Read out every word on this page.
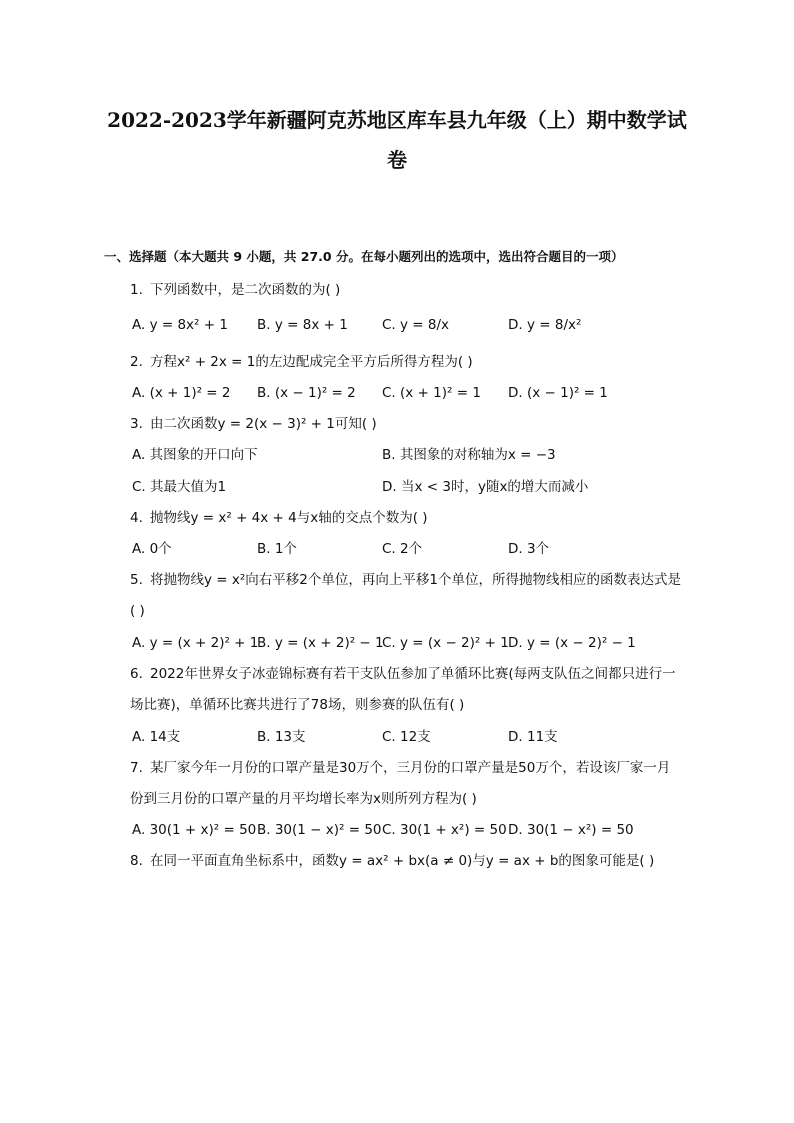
2022-2023学年新疆阿克苏地区库车县九年级（上）期中数学试
卷
一、选择题（本大题共 9 小题，共 27.0 分。在每小题列出的选项中，选出符合题目的一项）
1. 下列函数中，是二次函数的为( )
A. y = 8x² + 1 B. y = 8x + 1	C. y = 8/x	D. y = 8/x²
2. 方程x² + 2x = 1的左边配成完全平方后所得方程为( )
A. (x + 1)² = 2 B. (x − 1)² = 2 C. (x + 1)² = 1 D. (x − 1)² = 1
3. 由二次函数y = 2(x − 3)² + 1可知( )
A. 其图象的开口向下	B. 其图象的对称轴为x = −3
C. 其最大值为1	D. 当x < 3时，y随x的增大而减小
4. 抛物线y = x² + 4x + 4与x轴的交点个数为( )
A. 0个	B. 1个	C. 2个	D. 3个
5. 将抛物线y = x²向右平移2个单位，再向上平移1个单位，所得抛物线相应的函数表达式是
( )
A. y = (x + 2)² + 1
B. y = (x + 2)² − 1
C. y = (x − 2)² + 1 D. y = (x − 2)² − 1
6. 2022年世界女子冰壶锦标赛有若干支队伍参加了单循环比赛(每两支队伍之间都只进行一
场比赛)，单循环比赛共进行了78场，则参赛的队伍有( )
A. 14支	B. 13支	C. 12支	D. 11支
7. 某厂家今年一月份的口罩产量是30万个，三月份的口罩产量是50万个，若设该厂家一月
份到三月份的口罩产量的月平均增长率为x则所列方程为( )
A. 30(1 + x)² = 50 B. 30(1 − x)² = 50 C. 30(1 + x²) = 50 D. 30(1 − x²) = 50
8. 在同一平面直角坐标系中，函数y = ax² + bx(a ≠ 0)与y = ax + b的图象可能是( )
